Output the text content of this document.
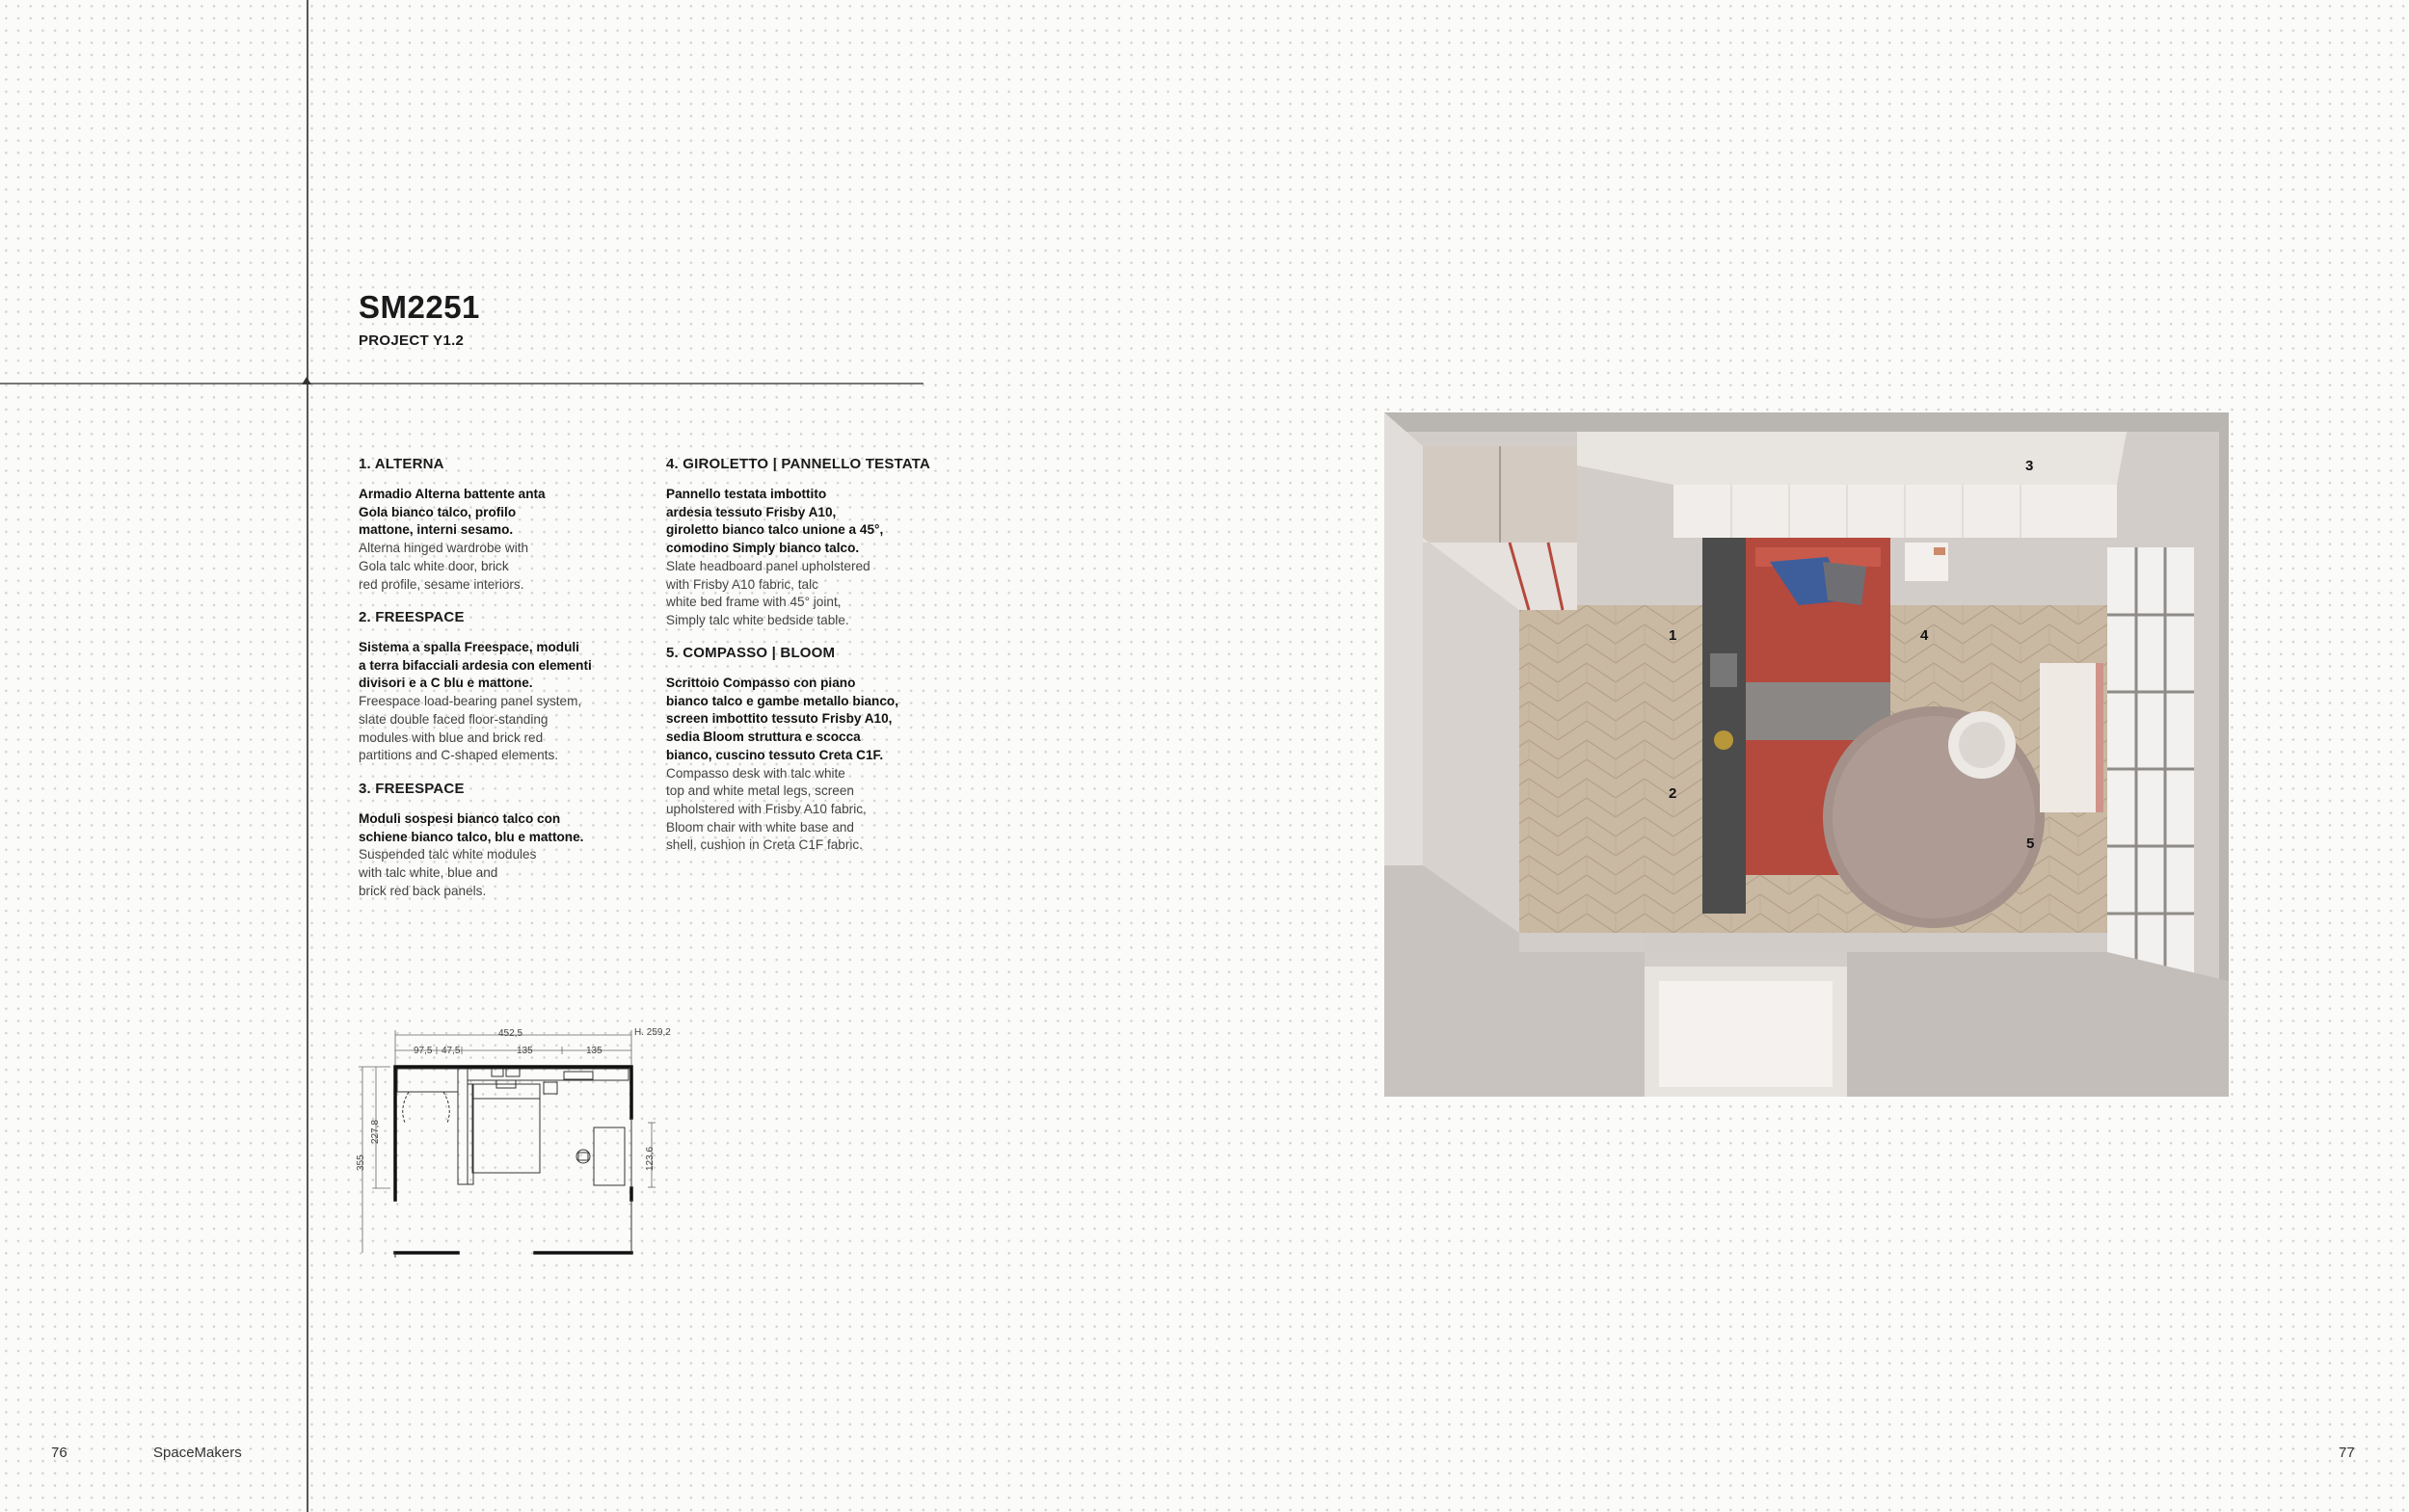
SM2251
PROJECT Y1.2
1. ALTERNA

Armadio Alterna battente anta
Gola bianco talco, profilo
mattone, interni sesamo.

Alterna hinged wardrobe with
Gola talc white door, brick
red profile, sesame interiors.

2. FREESPACE

Sistema a spalla Freespace, moduli
a terra bifacciali ardesia con elementi
divisori e a C blu e mattone.

Freespace load-bearing panel system,
slate double faced floor-standing
modules with blue and brick red
partitions and C-shaped elements.

3. FREESPACE

Moduli sospesi bianco talco con
schiene bianco talco, blu e mattone.

Suspended talc white modules
with talc white, blue and
brick red back panels.

4. GIROLETTO | PANNELLO TESTATA

Pannello testata imbottito
ardesia tessuto Frisby A10,
giroletto bianco talco unione a 45°,
comodino Simply bianco talco.

Slate headboard panel upholstered
with Frisby A10 fabric, talc
white bed frame with 45° joint,
Simply talc white bedside table.

5. COMPASSO | BLOOM

Scrittoio Compasso con piano
bianco talco e gambe metallo bianco,
screen imbottito tessuto Frisby A10,
sedia Bloom struttura e scocca
bianco, cuscino tessuto Creta C1F.

Compasso desk with talc white
top and white metal legs, screen
upholstered with Frisby A10 fabric,
Bloom chair with white base and
shell, cushion in Creta C1F fabric.

452,5	H. 259,2
97,5 47,5	135	135
355
227,8
123,6
1
2
3
4
5
76	SpaceMakers	77
